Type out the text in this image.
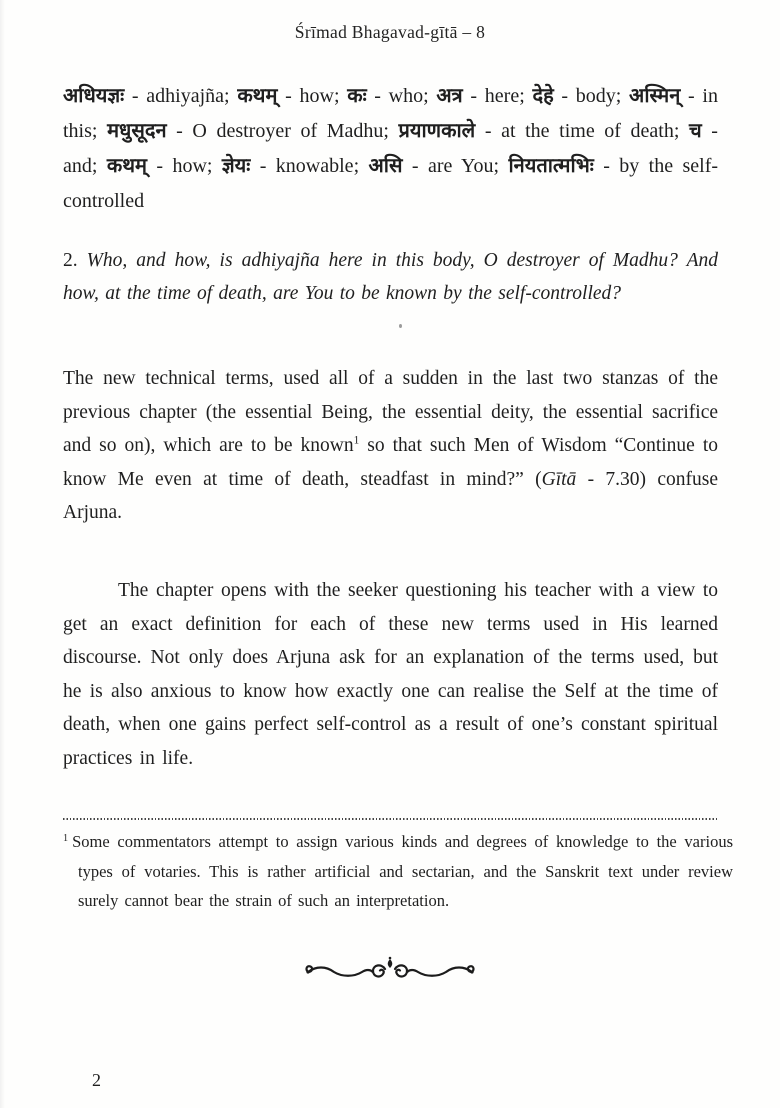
Śrīmad Bhagavad-gītā – 8
अधियज्ञः - adhiyajña; कथम् - how; कः - who; अत्र - here; देहे - body; अस्मिन् - in this; मधुसूदन - O destroyer of Madhu; प्रयाणकाले - at the time of death; च - and; कथम् - how; ज्ञेयः - knowable; असि - are You; नियतात्मभिः - by the self-controlled
2. Who, and how, is adhiyajña here in this body, O destroyer of Madhu? And how, at the time of death, are You to be known by the self-controlled?

The new technical terms, used all of a sudden in the last two stanzas of the previous chapter (the essential Being, the essential deity, the essential sacrifice and so on), which are to be known$^1$ so that such Men of Wisdom “Continue to know Me even at time of death, steadfast in mind?” (Gītā - 7.30) confuse Arjuna.

The chapter opens with the seeker questioning his teacher with a view to get an exact definition for each of these new terms used in His learned discourse. Not only does Arjuna ask for an explanation of the terms used, but he is also anxious to know how exactly one can realise the Self at the time of death, when one gains perfect self-control as a result of one’s constant spiritual practices in life.

$^1$ Some commentators attempt to assign various kinds and degrees of knowledge to the various types of votaries. This is rather artificial and sectarian, and the Sanskrit text under review surely cannot bear the strain of such an interpretation.
2
